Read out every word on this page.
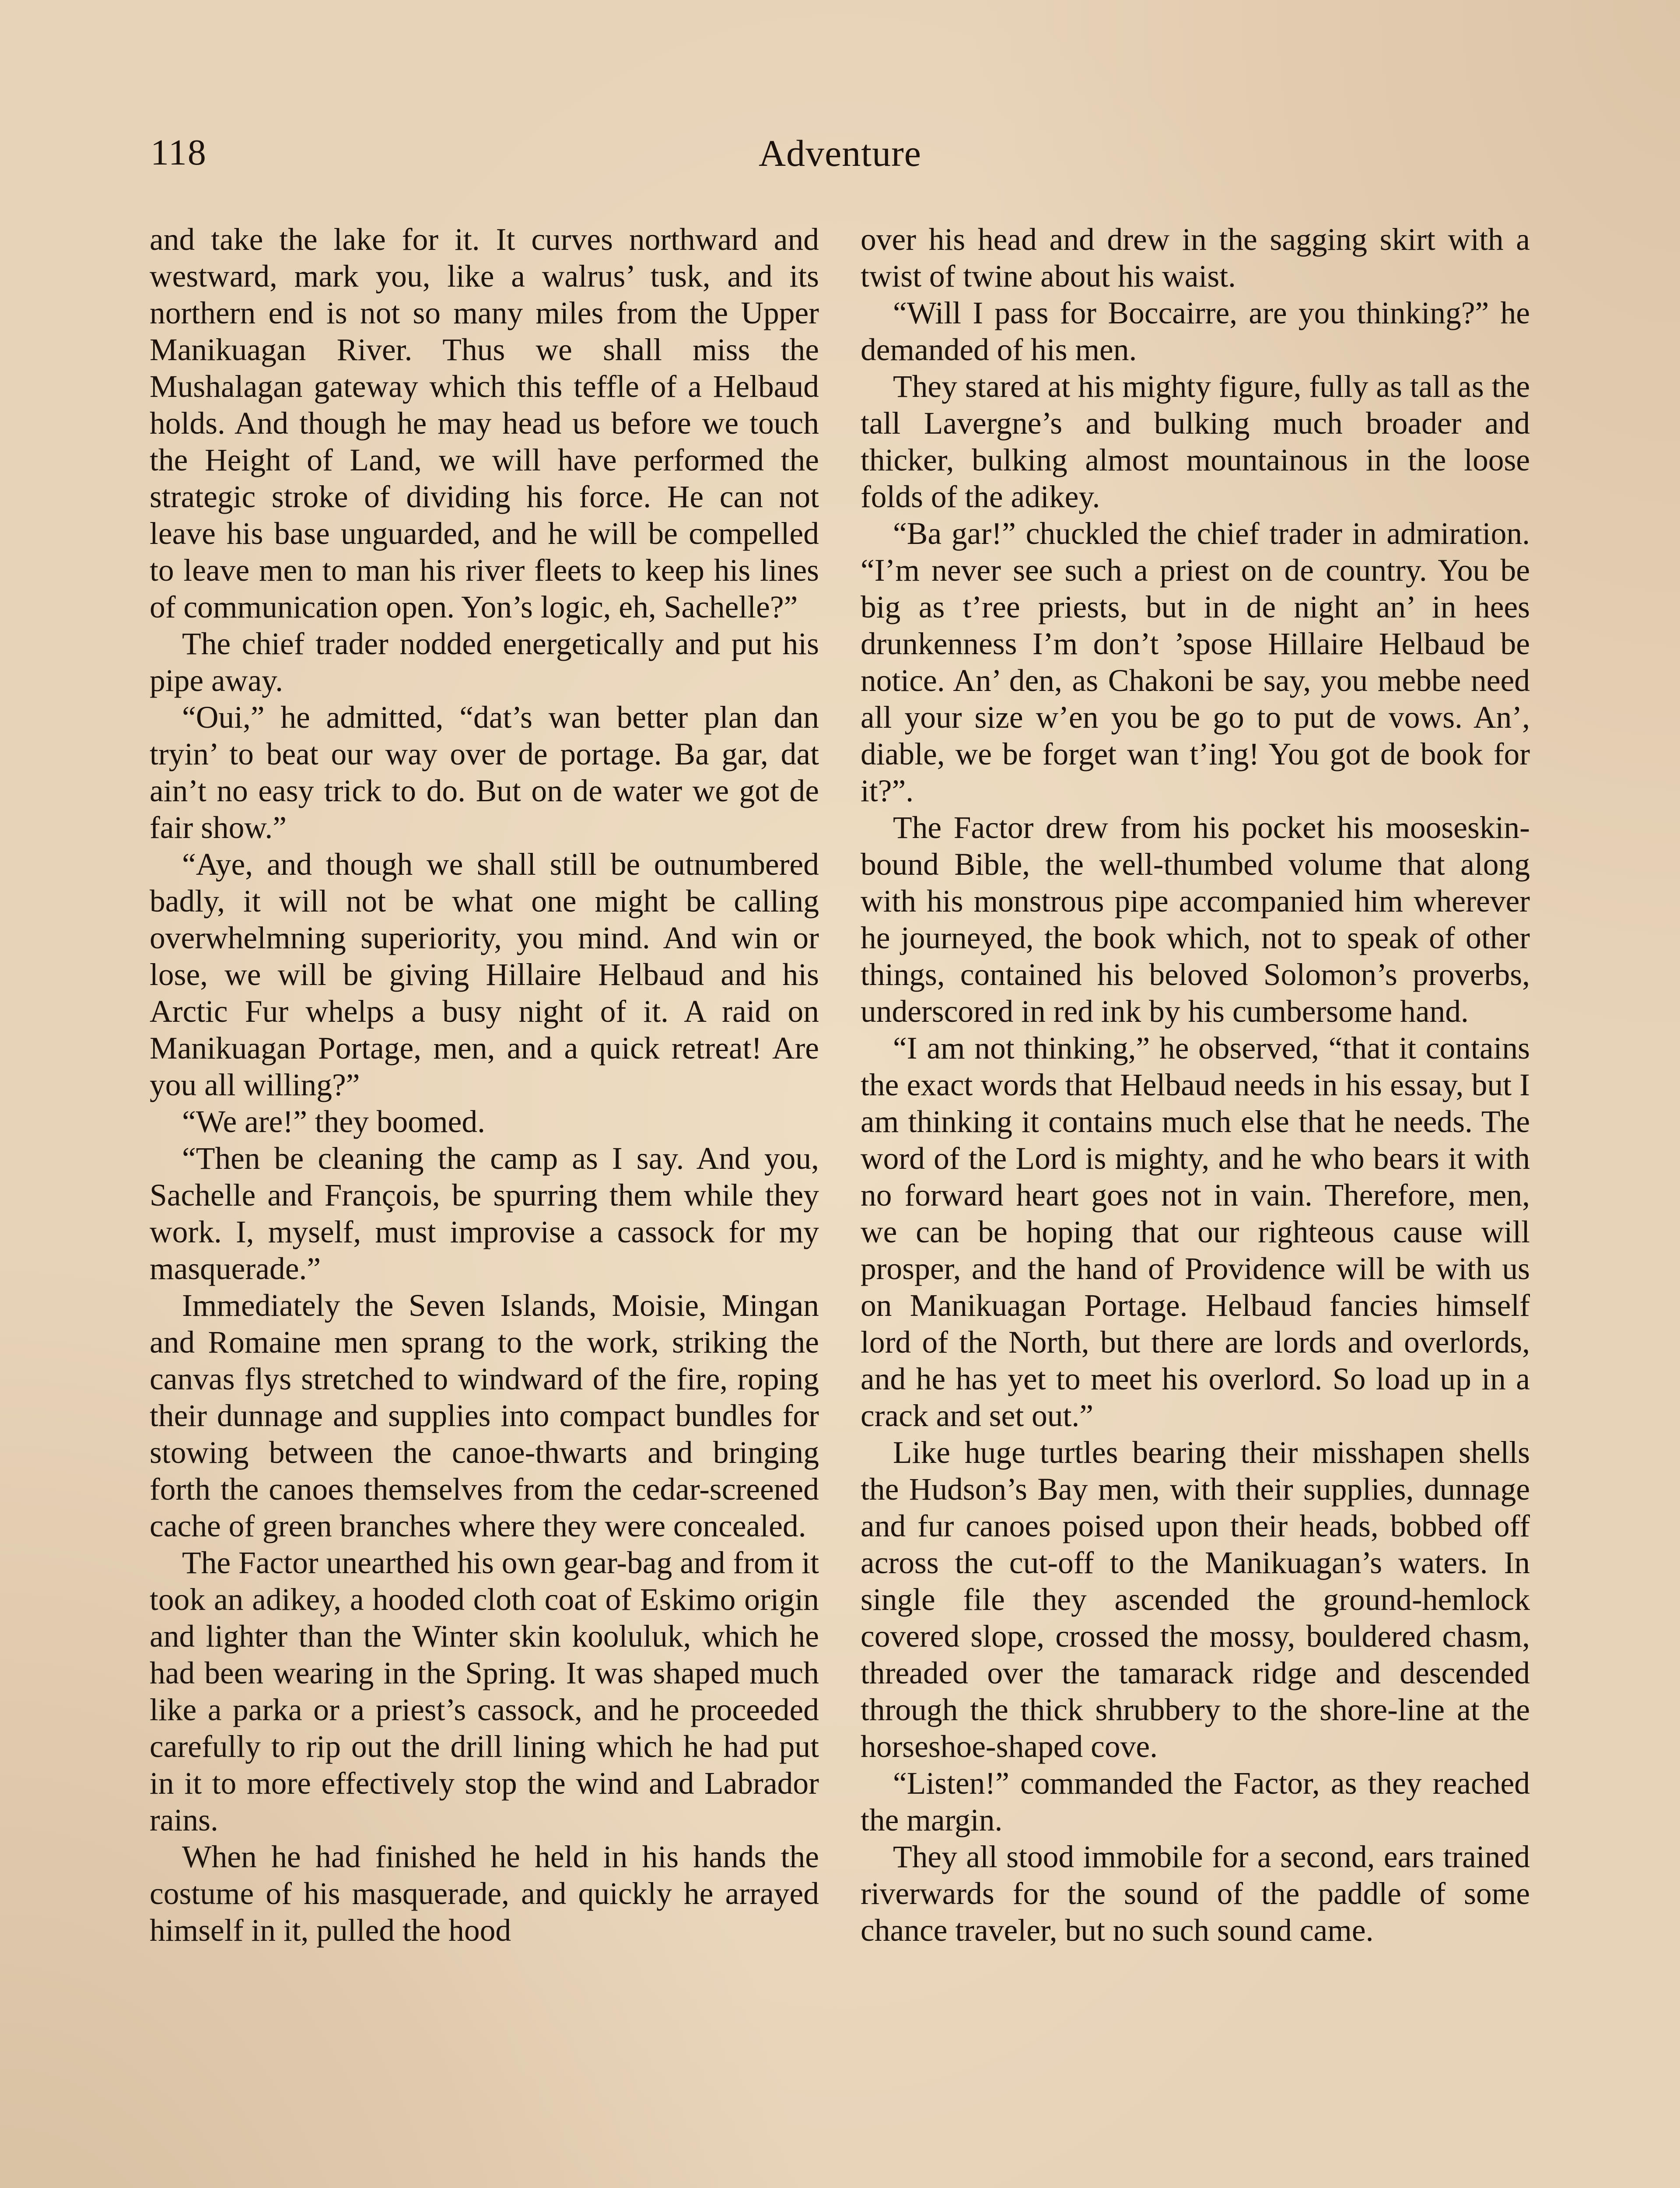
118	Adventure

and take the lake for it. It curves northward and westward, mark you, like a walrus’ tusk, and its northern end is not so many miles from the Upper Manikuagan River. Thus we shall miss the Mushalagan gateway which this teffle of a Helbaud holds. And though he may head us before we touch the Height of Land, we will have performed the strategic stroke of dividing his force. He can not leave his base unguarded, and he will be compelled to leave men to man his river fleets to keep his lines of communication open. Yon’s logic, eh, Sachelle?”

The chief trader nodded energetically and put his pipe away.

“Oui,” he admitted, “dat’s wan better plan dan tryin’ to beat our way over de portage. Ba gar, dat ain’t no easy trick to do. But on de water we got de fair show.”

“Aye, and though we shall still be outnumbered badly, it will not be what one might be calling overwhelmning superiority, you mind. And win or lose, we will be giving Hillaire Helbaud and his Arctic Fur whelps a busy night of it. A raid on Manikuagan Portage, men, and a quick retreat! Are you all willing?”

“We are!” they boomed.

“Then be cleaning the camp as I say. And you, Sachelle and François, be spurring them while they work. I, myself, must improvise a cassock for my masquerade.”

Immediately the Seven Islands, Moisie, Mingan and Romaine men sprang to the work, striking the canvas flys stretched to windward of the fire, roping their dunnage and supplies into compact bundles for stowing between the canoe-thwarts and bringing forth the canoes themselves from the cedar-screened cache of green branches where they were concealed.

The Factor unearthed his own gear-bag and from it took an adikey, a hooded cloth coat of Eskimo origin and lighter than the Winter skin kooluluk, which he had been wearing in the Spring. It was shaped much like a parka or a priest’s cassock, and he proceeded carefully to rip out the drill lining which he had put in it to more effectively stop the wind and Labrador rains.

When he had finished he held in his hands the costume of his masquerade, and quickly he arrayed himself in it, pulled the hood

over his head and drew in the sagging skirt with a twist of twine about his waist.

“Will I pass for Boccairre, are you thinking?” he demanded of his men.

They stared at his mighty figure, fully as tall as the tall Lavergne’s and bulking much broader and thicker, bulking almost mountainous in the loose folds of the adikey.

“Ba gar!” chuckled the chief trader in admiration. “I’m never see such a priest on de country. You be big as t’ree priests, but in de night an’ in hees drunkenness I’m don’t ’spose Hillaire Helbaud be notice. An’ den, as Chakoni be say, you mebbe need all your size w’en you be go to put de vows. An’, diable, we be forget wan t’ing! You got de book for it?”.

The Factor drew from his pocket his mooseskin-bound Bible, the well-thumbed volume that along with his monstrous pipe accompanied him wherever he journeyed, the book which, not to speak of other things, contained his beloved Solomon’s proverbs, underscored in red ink by his cumbersome hand.

“I am not thinking,” he observed, “that it contains the exact words that Helbaud needs in his essay, but I am thinking it contains much else that he needs. The word of the Lord is mighty, and he who bears it with no forward heart goes not in vain. Therefore, men, we can be hoping that our righteous cause will prosper, and the hand of Providence will be with us on Manikuagan Portage. Helbaud fancies himself lord of the North, but there are lords and overlords, and he has yet to meet his overlord. So load up in a crack and set out.”

Like huge turtles bearing their misshapen shells the Hudson’s Bay men, with their supplies, dunnage and fur canoes poised upon their heads, bobbed off across the cut-off to the Manikuagan’s waters. In single file they ascended the ground-hemlock covered slope, crossed the mossy, bouldered chasm, threaded over the tamarack ridge and descended through the thick shrubbery to the shore-line at the horseshoe-shaped cove.

“Listen!” commanded the Factor, as they reached the margin.

They all stood immobile for a second, ears trained riverwards for the sound of the paddle of some chance traveler, but no such sound came.
